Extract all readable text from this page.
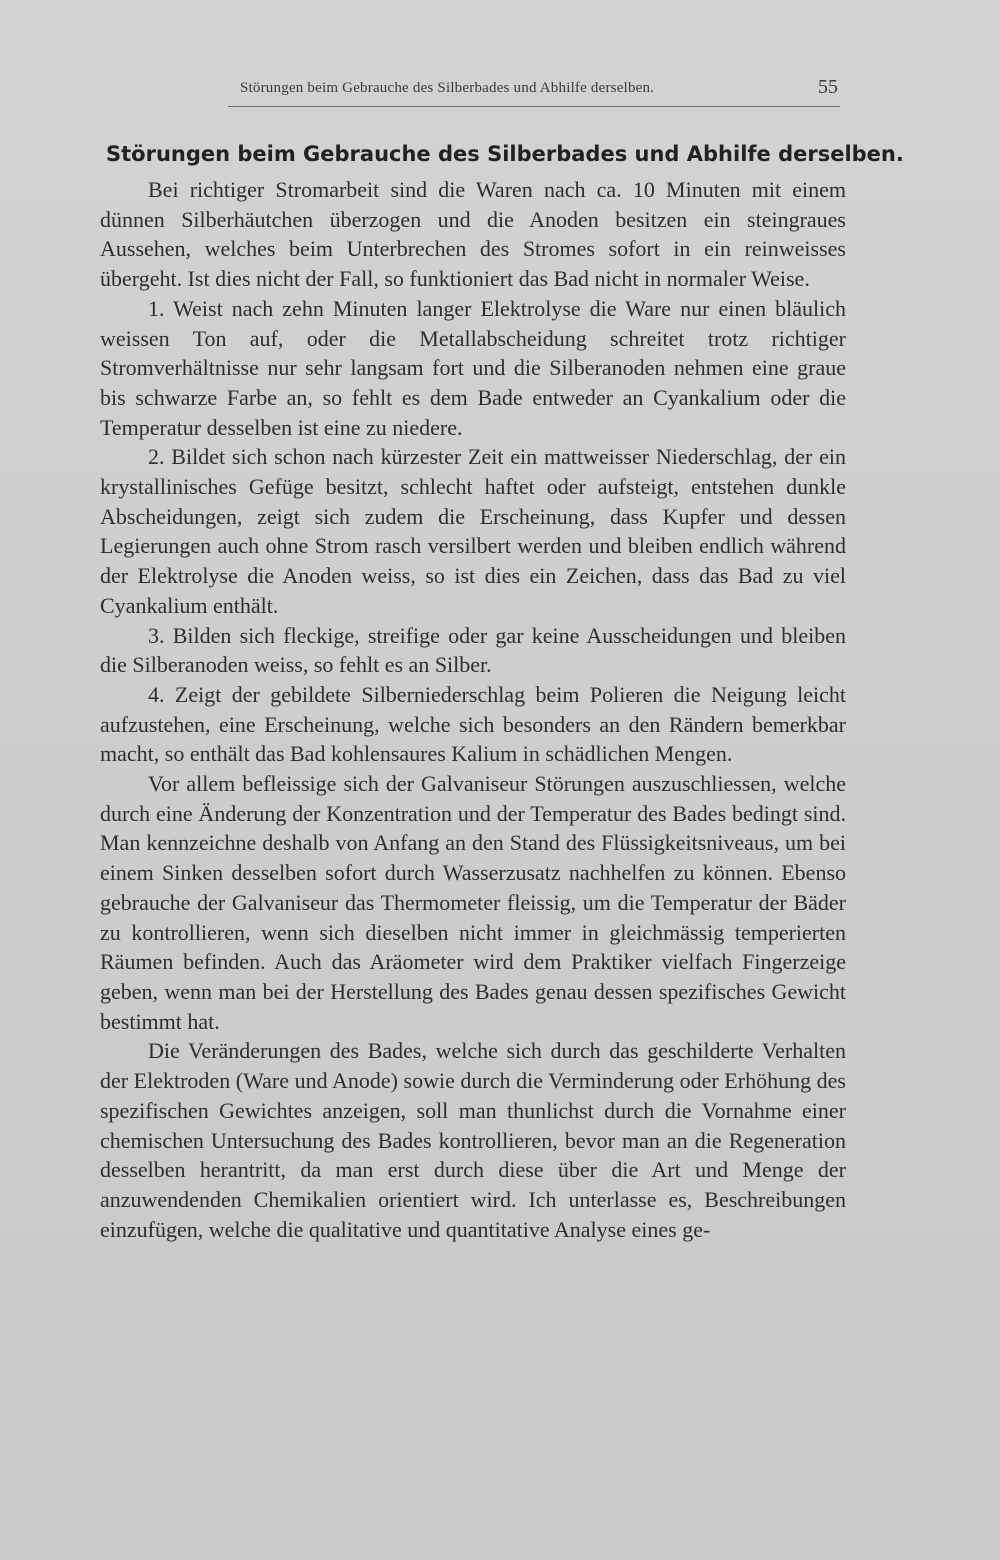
Störungen beim Gebrauche des Silberbades und Abhilfe derselben.	55
Störungen beim Gebrauche des Silberbades und Abhilfe derselben.

Bei richtiger Stromarbeit sind die Waren nach ca. 10 Minuten mit einem dünnen Silberhäutchen überzogen und die Anoden besitzen ein steingraues Aussehen, welches beim Unterbrechen des Stromes sofort in ein reinweisses übergeht. Ist dies nicht der Fall, so funktioniert das Bad nicht in normaler Weise.

1. Weist nach zehn Minuten langer Elektrolyse die Ware nur einen bläulich weissen Ton auf, oder die Metallabscheidung schreitet trotz richtiger Stromverhältnisse nur sehr langsam fort und die Silberanoden nehmen eine graue bis schwarze Farbe an, so fehlt es dem Bade entweder an Cyankalium oder die Temperatur desselben ist eine zu niedere.

2. Bildet sich schon nach kürzester Zeit ein mattweisser Niederschlag, der ein krystallinisches Gefüge besitzt, schlecht haftet oder aufsteigt, entstehen dunkle Abscheidungen, zeigt sich zudem die Erscheinung, dass Kupfer und dessen Legierungen auch ohne Strom rasch versilbert werden und bleiben endlich während der Elektrolyse die Anoden weiss, so ist dies ein Zeichen, dass das Bad zu viel Cyankalium enthält.

3. Bilden sich fleckige, streifige oder gar keine Ausscheidungen und bleiben die Silberanoden weiss, so fehlt es an Silber.

4. Zeigt der gebildete Silberniederschlag beim Polieren die Neigung leicht aufzustehen, eine Erscheinung, welche sich besonders an den Rändern bemerkbar macht, so enthält das Bad kohlensaures Kalium in schädlichen Mengen.

Vor allem befleissige sich der Galvaniseur Störungen auszuschliessen, welche durch eine Änderung der Konzentration und der Temperatur des Bades bedingt sind. Man kennzeichne deshalb von Anfang an den Stand des Flüssigkeitsniveaus, um bei einem Sinken desselben sofort durch Wasserzusatz nachhelfen zu können. Ebenso gebrauche der Galvaniseur das Thermometer fleissig, um die Temperatur der Bäder zu kontrollieren, wenn sich dieselben nicht immer in gleichmässig temperierten Räumen befinden. Auch das Aräometer wird dem Praktiker vielfach Fingerzeige geben, wenn man bei der Herstellung des Bades genau dessen spezifisches Gewicht bestimmt hat.

Die Veränderungen des Bades, welche sich durch das geschilderte Verhalten der Elektroden (Ware und Anode) sowie durch die Verminderung oder Erhöhung des spezifischen Gewichtes anzeigen, soll man thunlichst durch die Vornahme einer chemischen Untersuchung des Bades kontrollieren, bevor man an die Regeneration desselben herantritt, da man erst durch diese über die Art und Menge der anzuwendenden Chemikalien orientiert wird. Ich unterlasse es, Beschreibungen einzufügen, welche die qualitative und quantitative Analyse eines ge-
